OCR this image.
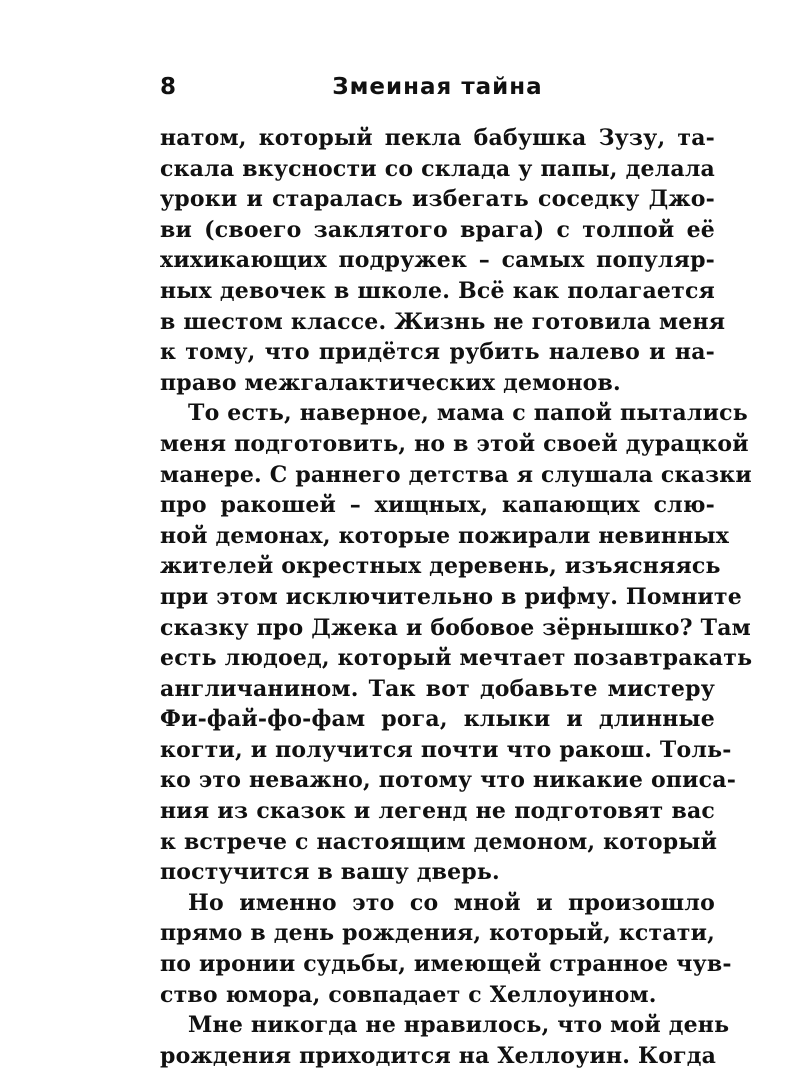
8	Змеиная тайна
натом, который пекла бабушка Зузу, та-
скала вкусности со склада у папы, делала
уроки и старалась избегать соседку Джо-
ви (своего заклятого врага) с толпой её
хихикающих подружек – самых популяр-
ных девочек в школе. Всё как полагается
в шестом классе. Жизнь не готовила меня
к тому, что придётся рубить налево и на-
право межгалактических демонов.
То есть, наверное, мама с папой пытались
меня подготовить, но в этой своей дурацкой
манере. С раннего детства я слушала сказки
про ракошей – хищных, капающих слю-
ной демонах, которые пожирали невинных
жителей окрестных деревень, изъясняясь
при этом исключительно в рифму. Помните
сказку про Джека и бобовое зёрнышко? Там
есть людоед, который мечтает позавтракать
англичанином. Так вот добавьте мистеру
Фи-фай-фо-фам рога, клыки и длинные
когти, и получится почти что ракош. Толь-
ко это неважно, потому что никакие описа-
ния из сказок и легенд не подготовят вас
к встрече с настоящим демоном, который
постучится в вашу дверь.
Но именно это со мной и произошло
прямо в день рождения, который, кстати,
по иронии судьбы, имеющей странное чув-
ство юмора, совпадает с Хеллоуином.
Мне никогда не нравилось, что мой день
рождения приходится на Хеллоуин. Когда
